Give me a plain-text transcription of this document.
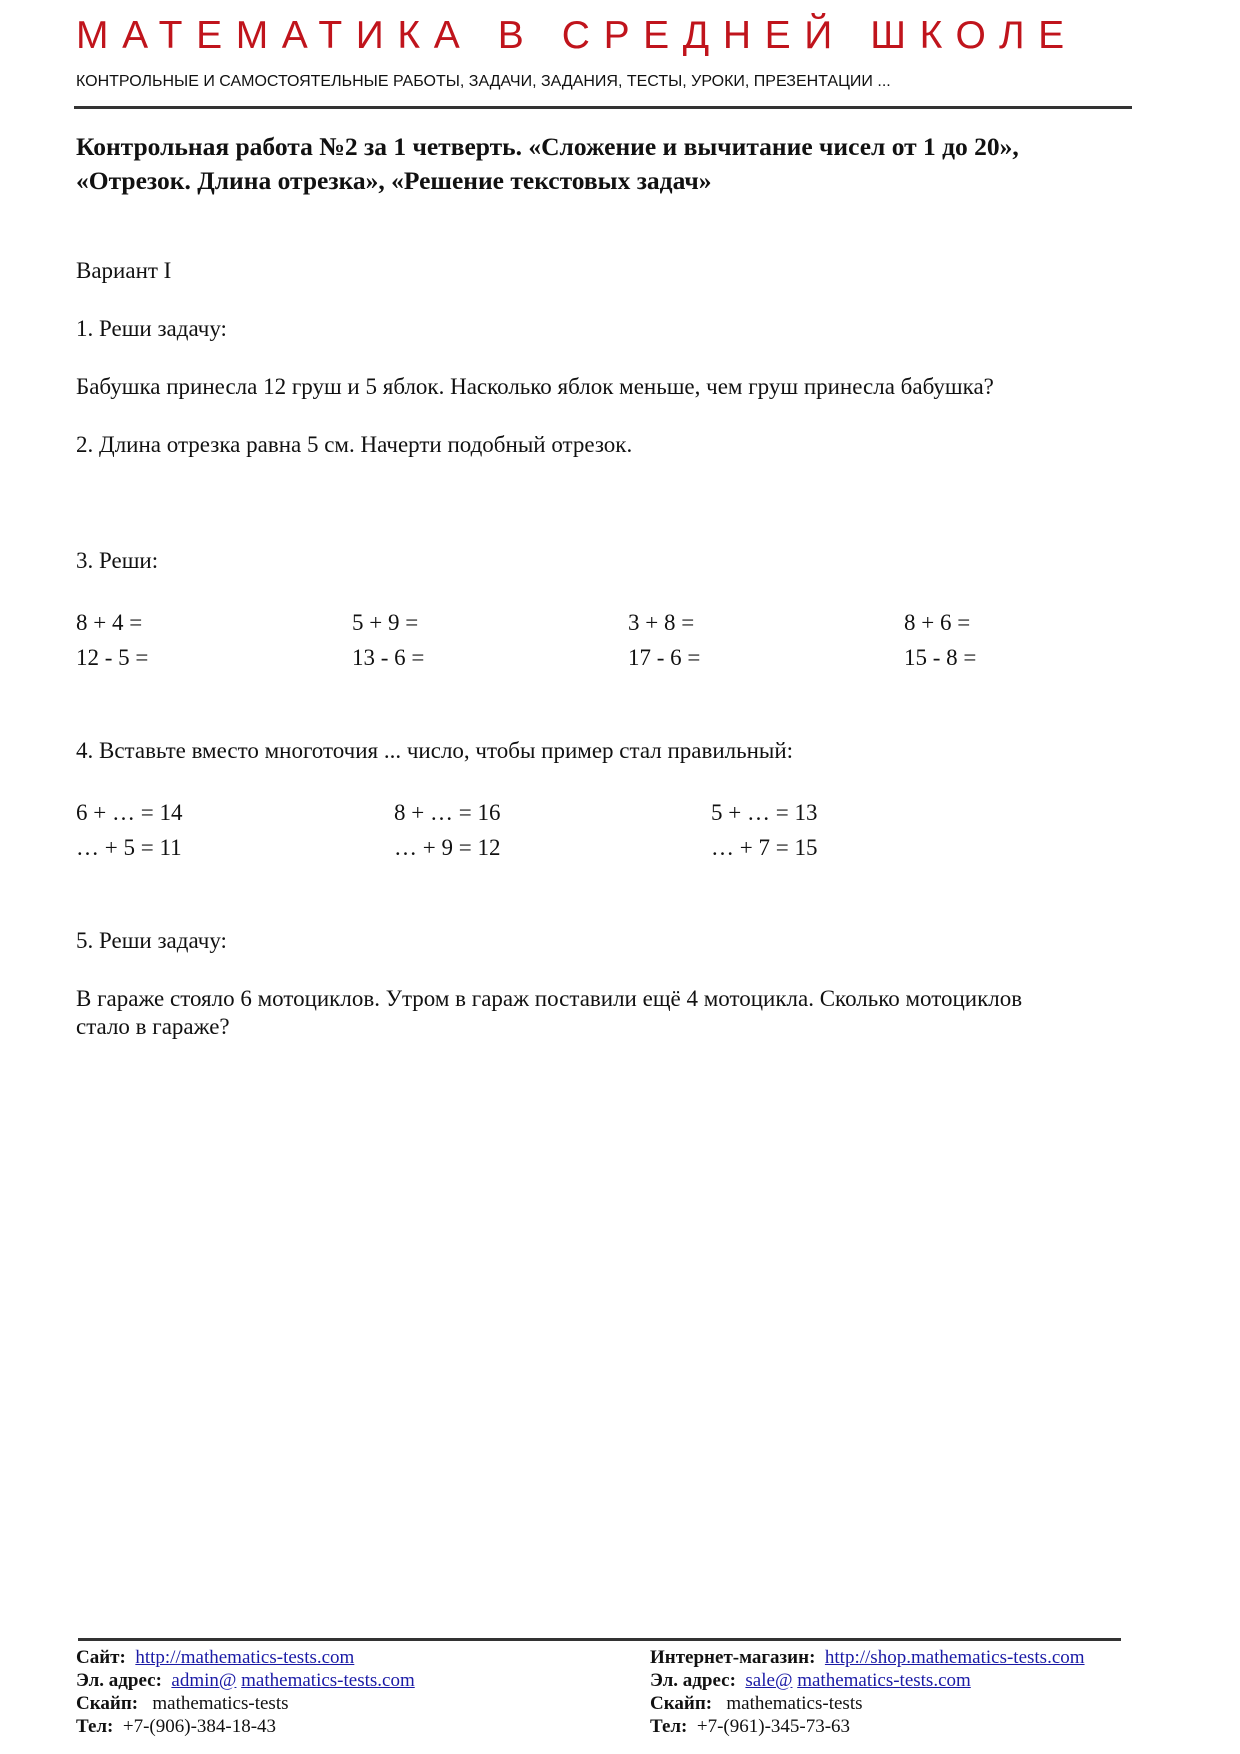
МАТЕМАТИКА В СРЕДНЕЙ ШКОЛЕ
КОНТРОЛЬНЫЕ И САМОСТОЯТЕЛЬНЫЕ РАБОТЫ, ЗАДАЧИ, ЗАДАНИЯ, ТЕСТЫ, УРОКИ, ПРЕЗЕНТАЦИИ ...
Контрольная работа №2 за 1 четверть. «Сложение и вычитание чисел от 1 до 20»,
«Отрезок. Длина отрезка», «Решение текстовых задач»
Вариант I
1. Реши задачу:
Бабушка принесла 12 груш и 5 яблок. Насколько яблок меньше, чем груш принесла бабушка?
2. Длина отрезка равна 5 см. Начерти подобный отрезок.
3. Реши:
8 + 4 =	5 + 9 =	3 + 8 =	8 + 6 =
12 - 5 =	13 - 6 =	17 - 6 =	15 - 8 =
4. Вставьте вместо многоточия ... число, чтобы пример стал правильный:
6 + … = 14	8 + … = 16	5 + … = 13
… + 5 = 11	… + 9 = 12	… + 7 = 15
5. Реши задачу:
В гараже стояло 6 мотоциклов. Утром в гараж поставили ещё 4 мотоцикла. Сколько мотоциклов
стало в гараже?
Сайт: http://mathematics-tests.com
Эл. адрес: admin@ mathematics-tests.com
Скайп: mathematics-tests
Тел: +7-(906)-384-18-43
Интернет-магазин: http://shop.mathematics-tests.com
Эл. адрес: sale@ mathematics-tests.com
Скайп: mathematics-tests
Тел: +7-(961)-345-73-63
